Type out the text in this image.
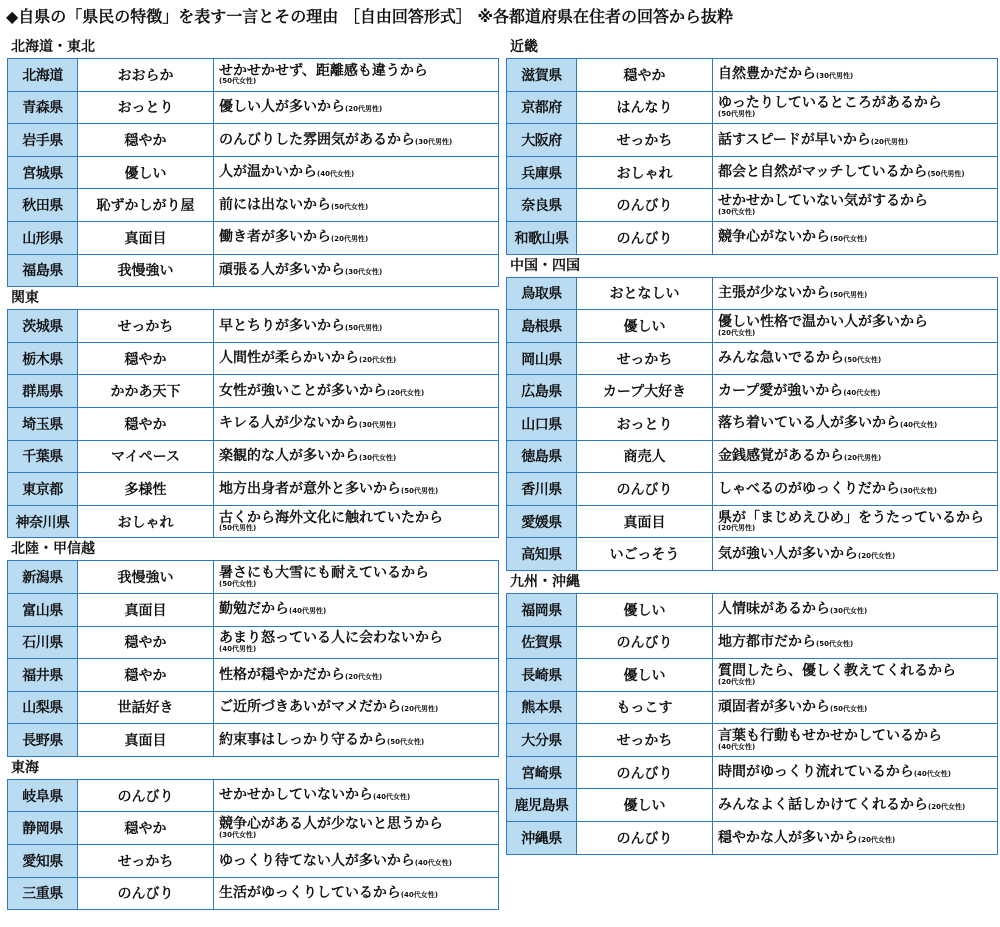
◆自県の「県民の特徴」を表す一言とその理由 ［自由回答形式］ ※各都道府県在住者の回答から抜粋
北海道・東北
北海道	おおらか	せかせかせず、距離感も違うから
(50代女性)

青森県	おっとり	優しい人が多いから(20代男性)
岩手県	穏やか	のんびりした雰囲気があるから(30代男性)
宮城県	優しい	人が温かいから(40代女性)
秋田県	恥ずかしがり屋	前には出ないから(50代女性)
山形県	真面目	働き者が多いから(20代男性)
福島県	我慢強い	頑張る人が多いから(30代女性)
関東
茨城県	せっかち	早とちりが多いから(50代男性)
栃木県	穏やか	人間性が柔らかいから(20代女性)
群馬県	かかあ天下	女性が強いことが多いから(20代女性)
埼玉県	穏やか	キレる人が少ないから(30代男性)
千葉県	マイペース	楽観的な人が多いから(30代女性)
東京都	多様性	地方出身者が意外と多いから(50代男性)
神奈川県	おしゃれ	古くから海外文化に触れていたから
(50代男性)
北陸・甲信越
新潟県	我慢強い	暑さにも大雪にも耐えているから
(50代女性)

富山県	真面目	勤勉だから(40代男性)
石川県	穏やか	あまり怒っている人に会わないから
(40代男性)

福井県	穏やか	性格が穏やかだから(20代女性)
山梨県	世話好き	ご近所づきあいがマメだから(20代男性)
長野県	真面目	約束事はしっかり守るから(50代女性)
東海
岐阜県	のんびり	せかせかしていないから(40代女性)
静岡県	穏やか	競争心がある人が少ないと思うから
(30代女性)

愛知県	せっかち	ゆっくり待てない人が多いから(40代女性)
三重県	のんびり	生活がゆっくりしているから(40代女性)
近畿
滋賀県	穏やか	自然豊かだから(30代男性)
京都府	はんなり	ゆったりしているところがあるから
(50代男性)

大阪府	せっかち	話すスピードが早いから(20代男性)
兵庫県	おしゃれ	都会と自然がマッチしているから(50代男性)
奈良県	のんびり	せかせかしていない気がするから
(30代女性)

和歌山県	のんびり	競争心がないから(50代女性)
中国・四国
鳥取県	おとなしい	主張が少ないから(50代男性)
島根県	優しい	優しい性格で温かい人が多いから
(20代女性)

岡山県	せっかち	みんな急いでるから(50代女性)
広島県	カープ大好き	カープ愛が強いから(40代女性)
山口県	おっとり	落ち着いている人が多いから(40代女性)
徳島県	商売人	金銭感覚があるから(20代男性)
香川県	のんびり	しゃべるのがゆっくりだから(30代女性)
愛媛県	真面目	県が「まじめえひめ」をうたっているから
(20代男性)

高知県	いごっそう	気が強い人が多いから(20代女性)
九州・沖縄
福岡県	優しい	人情味があるから(30代女性)
佐賀県	のんびり	地方都市だから(50代女性)
長崎県	優しい	質問したら、優しく教えてくれるから
(20代女性)

熊本県	もっこす	頑固者が多いから(50代女性)
大分県	せっかち	言葉も行動もせかせかしているから
(40代女性)

宮崎県	のんびり	時間がゆっくり流れているから(40代女性)
鹿児島県	優しい	みんなよく話しかけてくれるから(20代女性)
沖縄県	のんびり	穏やかな人が多いから(20代女性)
